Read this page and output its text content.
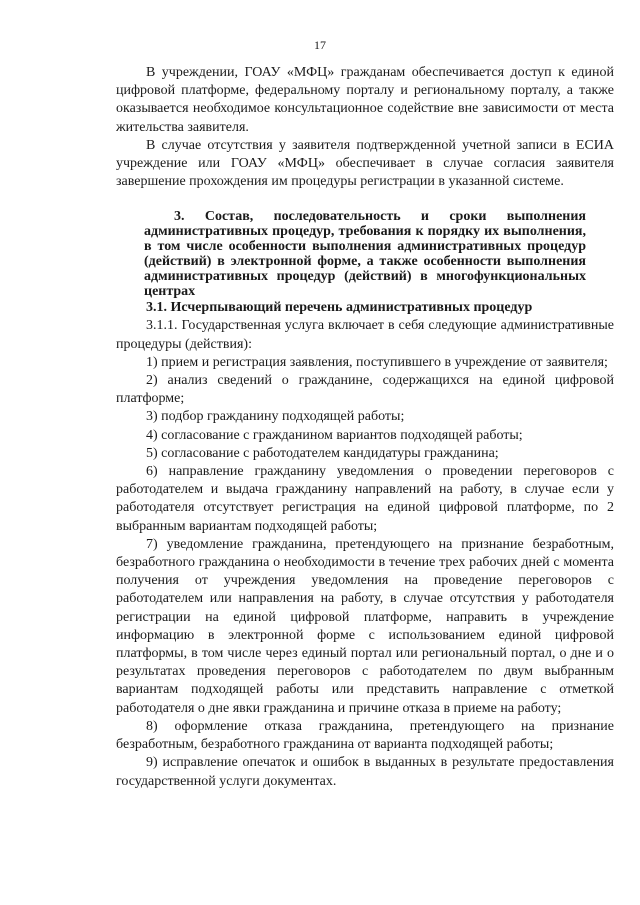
17

В учреждении, ГОАУ «МФЦ» гражданам обеспечивается доступ к единой цифровой платформе, федеральному порталу и региональному порталу, а также оказывается необходимое консультационное содействие вне зависимости от места жительства заявителя.

В случае отсутствия у заявителя подтвержденной учетной записи в ЕСИА учреждение или ГОАУ «МФЦ» обеспечивает в случае согласия заявителя завершение прохождения им процедуры регистрации в указанной системе.

3. Состав, последовательность и сроки выполнения административных процедур, требования к порядку их выполнения, в том числе особенности выполнения административных процедур (действий) в электронной форме, а также особенности выполнения административных процедур (действий) в многофункциональных центрах

3.1. Исчерпывающий перечень административных процедур

3.1.1. Государственная услуга включает в себя следующие административные процедуры (действия):

1) прием и регистрация заявления, поступившего в учреждение от заявителя;

2) анализ сведений о гражданине, содержащихся на единой цифровой платформе;

3) подбор гражданину подходящей работы;

4) согласование с гражданином вариантов подходящей работы;

5) согласование с работодателем кандидатуры гражданина;

6) направление гражданину уведомления о проведении переговоров с работодателем и выдача гражданину направлений на работу, в случае если у работодателя отсутствует регистрация на единой цифровой платформе, по 2 выбранным вариантам подходящей работы;

7) уведомление гражданина, претендующего на признание безработным, безработного гражданина о необходимости в течение трех рабочих дней с момента получения от учреждения уведомления на проведение переговоров с работодателем или направления на работу, в случае отсутствия у работодателя регистрации на единой цифровой платформе, направить в учреждение информацию в электронной форме с использованием единой цифровой платформы, в том числе через единый портал или региональный портал, о дне и о результатах проведения переговоров с работодателем по двум выбранным вариантам подходящей работы или представить направление с отметкой работодателя о дне явки гражданина и причине отказа в приеме на работу;

8) оформление отказа гражданина, претендующего на признание безработным, безработного гражданина от варианта подходящей работы;

9) исправление опечаток и ошибок в выданных в результате предоставления государственной услуги документах.
